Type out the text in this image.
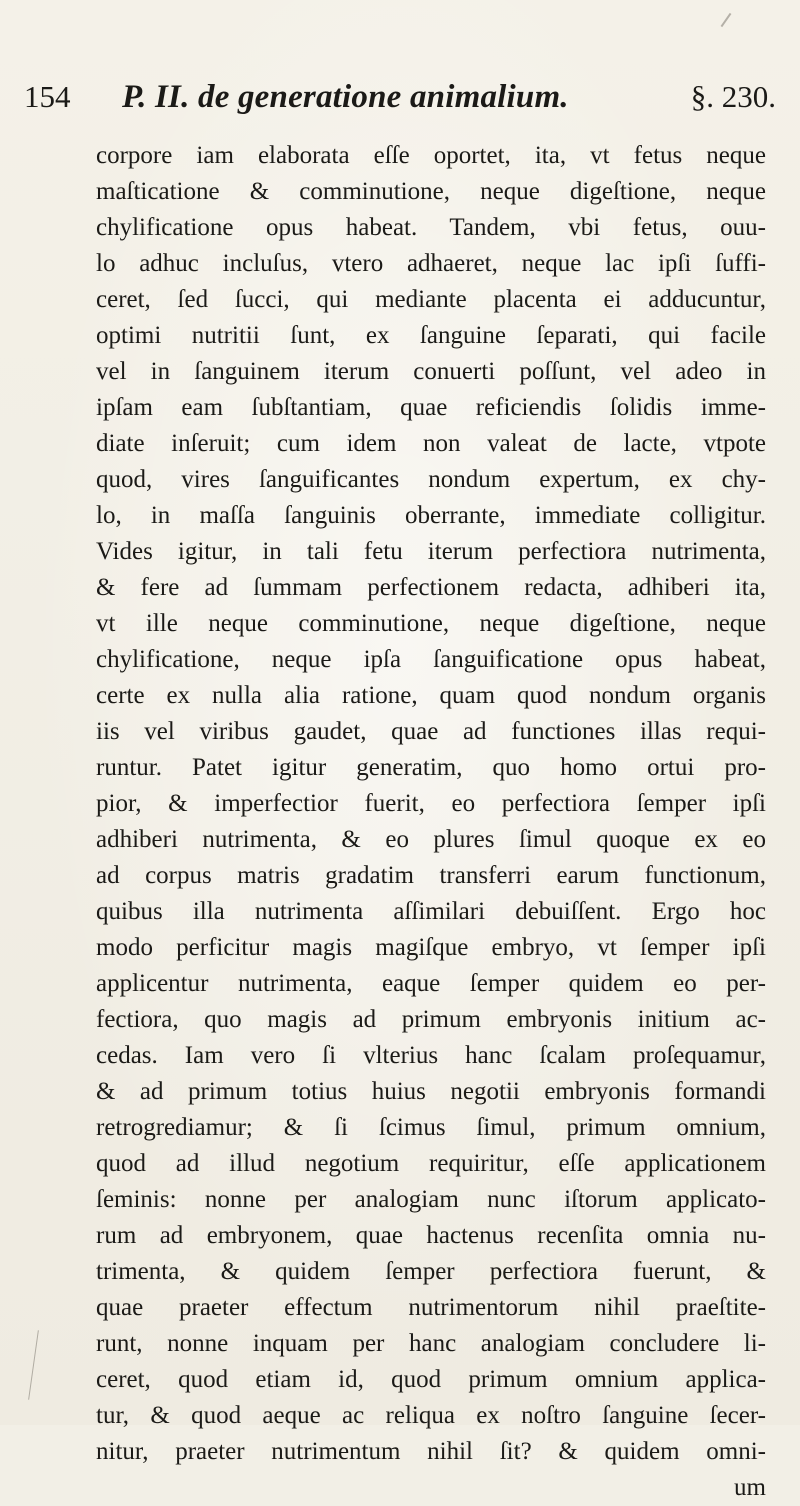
154 P. II. de generatione animalium.	§. 230.
corpore iam elaborata eſſe oportet, ita, vt fetus neque
maſticatione & comminutione, neque digeſtione, neque
chylificatione opus habeat. Tandem, vbi fetus, ouu-
lo adhuc incluſus, vtero adhaeret, neque lac ipſi ſuffi-
ceret, ſed ſucci, qui mediante placenta ei adducuntur,
optimi nutritii ſunt, ex ſanguine ſeparati, qui facile
vel in ſanguinem iterum conuerti poſſunt, vel adeo in
ipſam eam ſubſtantiam, quae reficiendis ſolidis imme-
diate inſeruit; cum idem non valeat de lacte, vtpote
quod, vires ſanguificantes nondum expertum, ex chy-
lo, in maſſa ſanguinis oberrante, immediate colligitur.
Vides igitur, in tali fetu iterum perfectiora nutrimenta,
& fere ad ſummam perfectionem redacta, adhiberi ita,
vt ille neque comminutione, neque digeſtione, neque
chylificatione, neque ipſa ſanguificatione opus habeat,
certe ex nulla alia ratione, quam quod nondum organis
iis vel viribus gaudet, quae ad functiones illas requi-
runtur. Patet igitur generatim, quo homo ortui pro-
pior, & imperfectior fuerit, eo perfectiora ſemper ipſi
adhiberi nutrimenta, & eo plures ſimul quoque ex eo
ad corpus matris gradatim transferri earum functionum,
quibus illa nutrimenta aſſimilari debuiſſent. Ergo hoc
modo perficitur magis magiſque embryo, vt ſemper ipſi
applicentur nutrimenta, eaque ſemper quidem eo per-
fectiora, quo magis ad primum embryonis initium ac-
cedas. Iam vero ſi vlterius hanc ſcalam proſequamur,
& ad primum totius huius negotii embryonis formandi
retrogrediamur; & ſi ſcimus ſimul, primum omnium,
quod ad illud negotium requiritur, eſſe applicationem
ſeminis: nonne per analogiam nunc iſtorum applicato-
rum ad embryonem, quae hactenus recenſita omnia nu-
trimenta, & quidem ſemper perfectiora fuerunt, &
quae praeter effectum nutrimentorum nihil praeſtite-
runt, nonne inquam per hanc analogiam concludere li-
ceret, quod etiam id, quod primum omnium applica-
tur, & quod aeque ac reliqua ex noſtro ſanguine ſecer-
nitur, praeter nutrimentum nihil ſit? & quidem omni-
um
